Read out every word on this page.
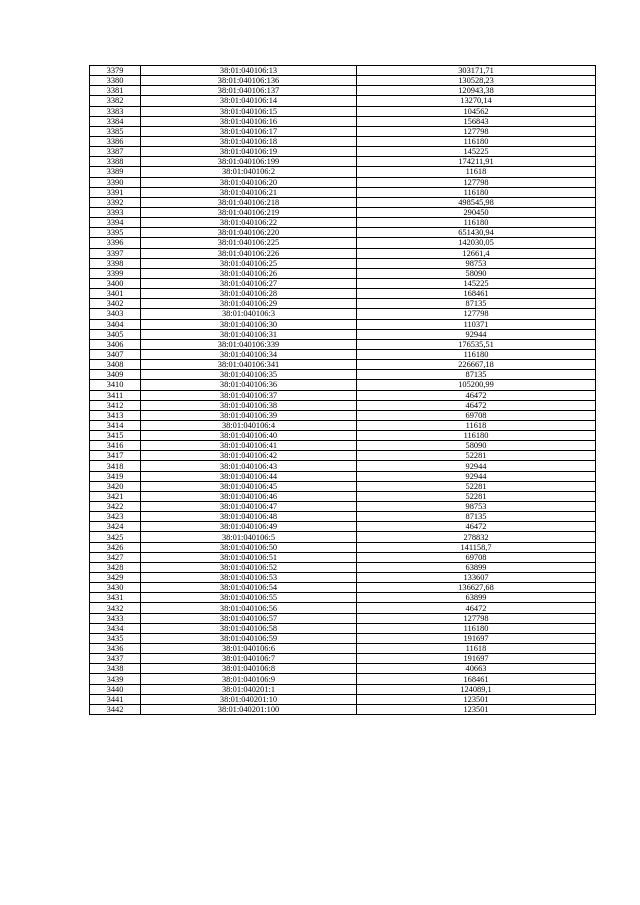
3379	38:01:040106:13	303171,71
3380	38:01:040106:136	130528,23
3381	38:01:040106:137	120943,38
3382	38:01:040106:14	13270,14
3383	38:01:040106:15	104562
3384	38:01:040106:16	156843
3385	38:01:040106:17	127798
3386	38:01:040106:18	116180
3387	38:01:040106:19	145225
3388	38:01:040106:199	174211,91
3389	38:01:040106:2	11618
3390	38:01:040106:20	127798
3391	38:01:040106:21	116180
3392	38:01:040106:218	498545,98
3393	38:01:040106:219	290450
3394	38:01:040106:22	116180
3395	38:01:040106:220	651430,94
3396	38:01:040106:225	142030,05
3397	38:01:040106:226	12661,4
3398	38:01:040106:25	98753
3399	38:01:040106:26	58090
3400	38:01:040106:27	145225
3401	38:01:040106:28	168461
3402	38:01:040106:29	87135
3403	38:01:040106:3	127798
3404	38:01:040106:30	110371
3405	38:01:040106:31	92944
3406	38:01:040106:339	176535,51
3407	38:01:040106:34	116180
3408	38:01:040106:341	226667,18
3409	38:01:040106:35	87135
3410	38:01:040106:36	105200,99
3411	38:01:040106:37	46472
3412	38:01:040106:38	46472
3413	38:01:040106:39	69708
3414	38:01:040106:4	11618
3415	38:01:040106:40	116180
3416	38:01:040106:41	58090
3417	38:01:040106:42	52281
3418	38:01:040106:43	92944
3419	38:01:040106:44	92944
3420	38:01:040106:45	52281
3421	38:01:040106:46	52281
3422	38:01:040106:47	98753
3423	38:01:040106:48	87135
3424	38:01:040106:49	46472
3425	38:01:040106:5	278832
3426	38:01:040106:50	141158,7
3427	38:01:040106:51	69708
3428	38:01:040106:52	63899
3429	38:01:040106:53	133607
3430	38:01:040106:54	136627,68
3431	38:01:040106:55	63899
3432	38:01:040106:56	46472
3433	38:01:040106:57	127798
3434	38:01:040106:58	116180
3435	38:01:040106:59	191697
3436	38:01:040106:6	11618
3437	38:01:040106:7	191697
3438	38:01:040106:8	40663
3439	38:01:040106:9	168461
3440	38:01:040201:1	124089,1
3441	38:01:040201:10	123501
3442	38:01:040201:100	123501
